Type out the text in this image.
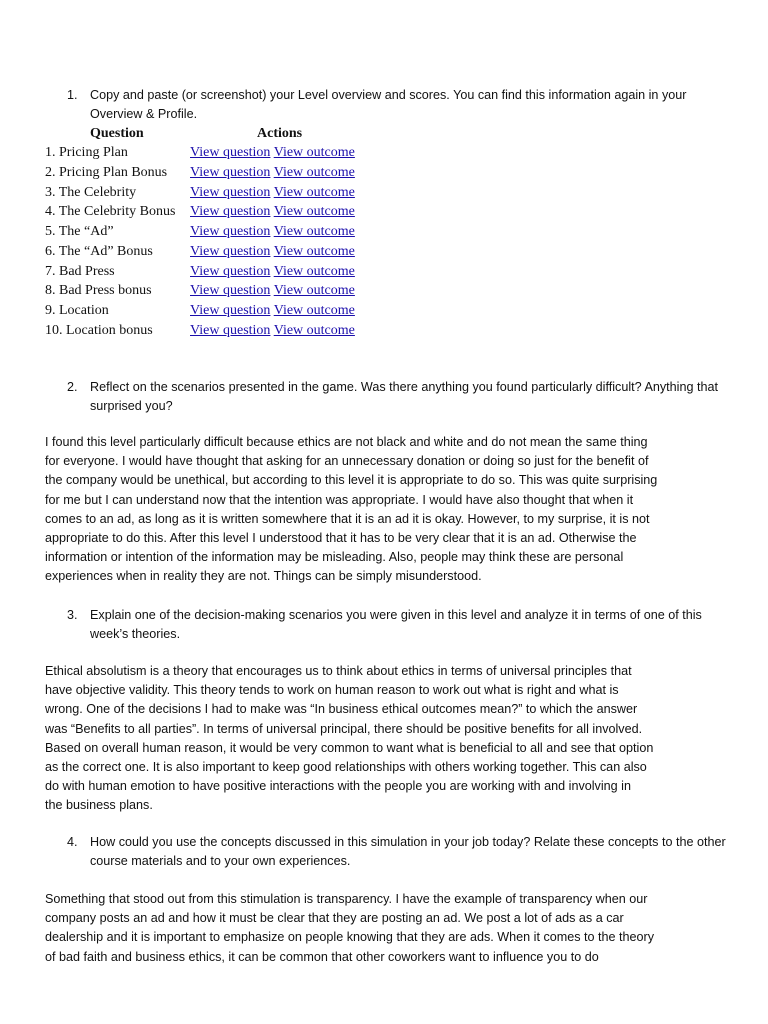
1. Copy and paste (or screenshot) your Level overview and scores. You can find this information again in your Overview & Profile.
Question	Actions
1. Pricing Plan	View question View outcome
2. Pricing Plan Bonus View question View outcome
3. The Celebrity	View question View outcome
4. The Celebrity Bonus View question View outcome
5. The “Ad”	View question View outcome
6. The “Ad” Bonus	View question View outcome
7. Bad Press	View question View outcome
8. Bad Press bonus	View question View outcome
9. Location	View question View outcome
10. Location bonus	View question View outcome
2. Reflect on the scenarios presented in the game. Was there anything you found particularly difficult? Anything that surprised you?
I found this level particularly difficult because ethics are not black and white and do not mean the same thing
for everyone. I would have thought that asking for an unnecessary donation or doing so just for the benefit of
the company would be unethical, but according to this level it is appropriate to do so. This was quite surprising
for me but I can understand now that the intention was appropriate. I would have also thought that when it
comes to an ad, as long as it is written somewhere that it is an ad it is okay. However, to my surprise, it is not
appropriate to do this. After this level I understood that it has to be very clear that it is an ad. Otherwise the
information or intention of the information may be misleading. Also, people may think these are personal
experiences when in reality they are not. Things can be simply misunderstood.
3. Explain one of the decision-making scenarios you were given in this level and analyze it in terms of one of this week’s theories.
Ethical absolutism is a theory that encourages us to think about ethics in terms of universal principles that
have objective validity. This theory tends to work on human reason to work out what is right and what is
wrong. One of the decisions I had to make was “In business ethical outcomes mean?” to which the answer
was “Benefits to all parties”. In terms of universal principal, there should be positive benefits for all involved.
Based on overall human reason, it would be very common to want what is beneficial to all and see that option
as the correct one. It is also important to keep good relationships with others working together. This can also
do with human emotion to have positive interactions with the people you are working with and involving in
the business plans.
4. How could you use the concepts discussed in this simulation in your job today? Relate these concepts to the other course materials and to your own experiences.
Something that stood out from this stimulation is transparency. I have the example of transparency when our
company posts an ad and how it must be clear that they are posting an ad. We post a lot of ads as a car
dealership and it is important to emphasize on people knowing that they are ads. When it comes to the theory
of bad faith and business ethics, it can be common that other coworkers want to influence you to do
